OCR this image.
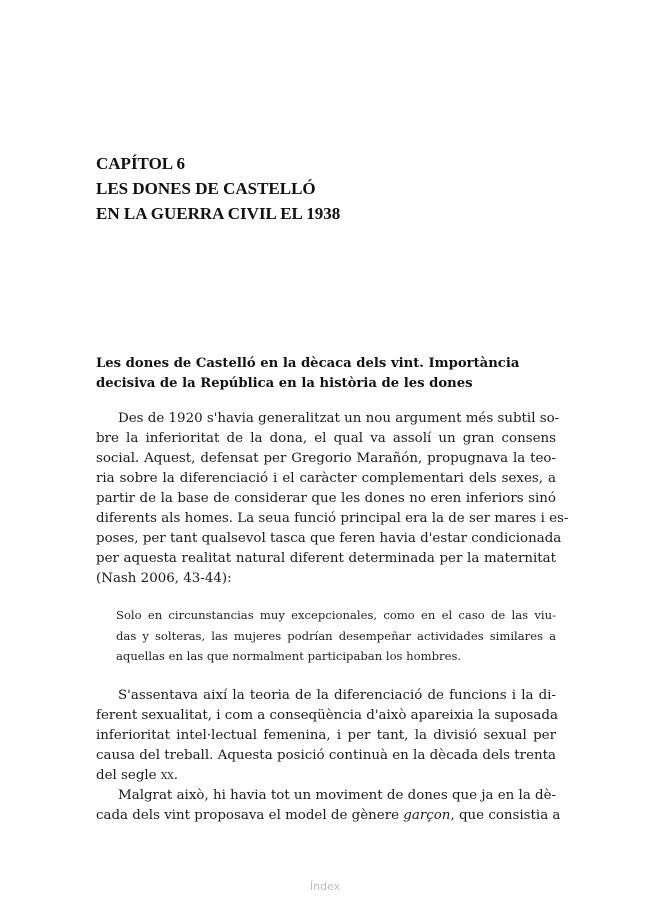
CAPÍTOL 6
LES DONES DE CASTELLÓ
EN LA GUERRA CIVIL EL 1938
Les dones de Castelló en la dècaca dels vint. Importància
decisiva de la República en la història de les dones
Des de 1920 s'havia generalitzat un nou argument més subtil so-
bre la inferioritat de la dona, el qual va assolí un gran consens
social. Aquest, defensat per Gregorio Marañón, propugnava la teo-
ria sobre la diferenciació i el caràcter complementari dels sexes, a
partir de la base de considerar que les dones no eren inferiors sinó
diferents als homes. La seua funció principal era la de ser mares i es-
poses, per tant qualsevol tasca que feren havia d'estar condicionada
per aquesta realitat natural diferent determinada per la maternitat
(Nash 2006, 43-44):
Solo en circunstancias muy excepcionales, como en el caso de las viu-
das y solteras, las mujeres podrían desempeñar actividades similares a
aquellas en las que normalment participaban los hombres.
S'assentava així la teoria de la diferenciació de funcions i la di-
ferent sexualitat, i com a conseqüència d'això apareixia la suposada
inferioritat intel·lectual femenina, i per tant, la divisió sexual per
causa del treball. Aquesta posició continuà en la dècada dels trenta
del segle xx.
Malgrat això, hi havia tot un moviment de dones que ja en la dè-
cada dels vint proposava el model de gènere garçon, que consistia a
Índex
